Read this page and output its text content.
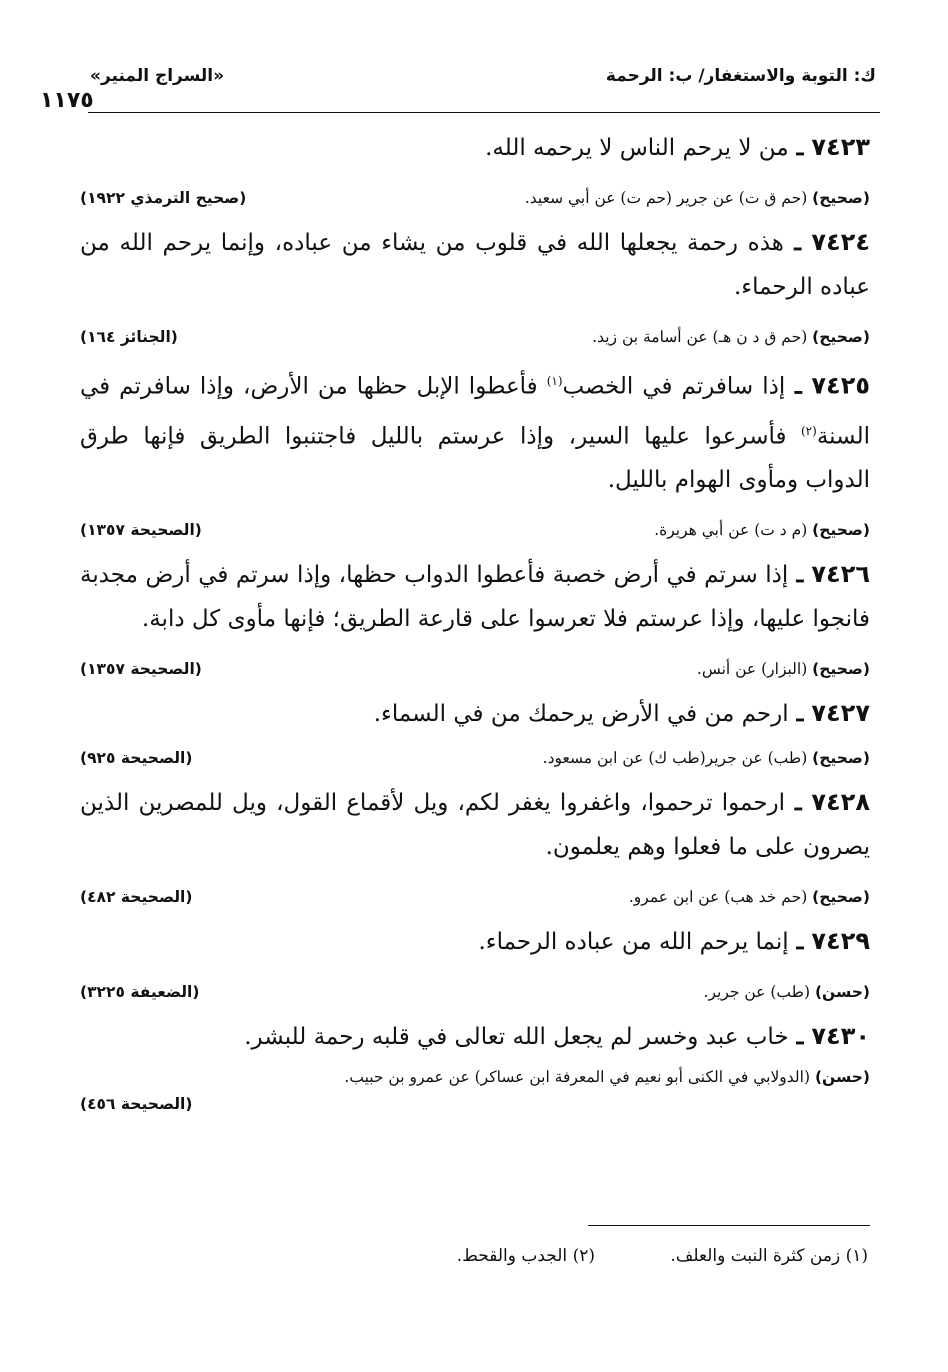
ك: التوبة والاستغفار/ ب: الرحمة
«السراج المنير»
١١٧٥
٧٤٢٣ ـ من لا يرحم الناس لا يرحمه الله.
(صحيح) (حم ق ت) عن جرير (حم ت) عن أبي سعيد.
(صحيح الترمذي ١٩٢٢)
٧٤٢٤ ـ هذه رحمة يجعلها الله في قلوب من يشاء من عباده، وإنما يرحم الله من عباده الرحماء.
(صحيح) (حم ق د ن هـ) عن أسامة بن زيد.
(الجنائز ١٦٤)
٧٤٢٥ ـ إذا سافرتم في الخصب$^{(١)}$ فأعطوا الإبل حظها من الأرض، وإذا سافرتم في السنة$^{(٢)}$ فأسرعوا عليها السير، وإذا عرستم بالليل فاجتنبوا الطريق فإنها طرق الدواب ومأوى الهوام بالليل.
(صحيح) (م د ت) عن أبي هريرة.
(الصحيحة ١٣٥٧)
٧٤٢٦ ـ إذا سرتم في أرض خصبة فأعطوا الدواب حظها، وإذا سرتم في أرض مجدبة فانجوا عليها، وإذا عرستم فلا تعرسوا على قارعة الطريق؛ فإنها مأوى كل دابة.
(صحيح) (البزار) عن أنس.
(الصحيحة ١٣٥٧)
٧٤٢٧ ـ ارحم من في الأرض يرحمك من في السماء.
(صحيح) (طب) عن جرير(طب ك) عن ابن مسعود.
(الصحيحة ٩٢٥)
٧٤٢٨ ـ ارحموا ترحموا، واغفروا يغفر لكم، ويل لأقماع القول، ويل للمصرين الذين يصرون على ما فعلوا وهم يعلمون.
(صحيح) (حم خد هب) عن ابن عمرو.
(الصحيحة ٤٨٢)
٧٤٢٩ ـ إنما يرحم الله من عباده الرحماء.
(حسن) (طب) عن جرير.
(الضعيفة ٣٢٢٥)
٧٤٣٠ ـ خاب عبد وخسر لم يجعل الله تعالى في قلبه رحمة للبشر.
(حسن) (الدولابي في الكنى أبو نعيم في المعرفة ابن عساكر) عن عمرو بن حبيب.
(الصحيحة ٤٥٦)
(١) زمن كثرة النبت والعلف. (٢) الجدب والقحط.
